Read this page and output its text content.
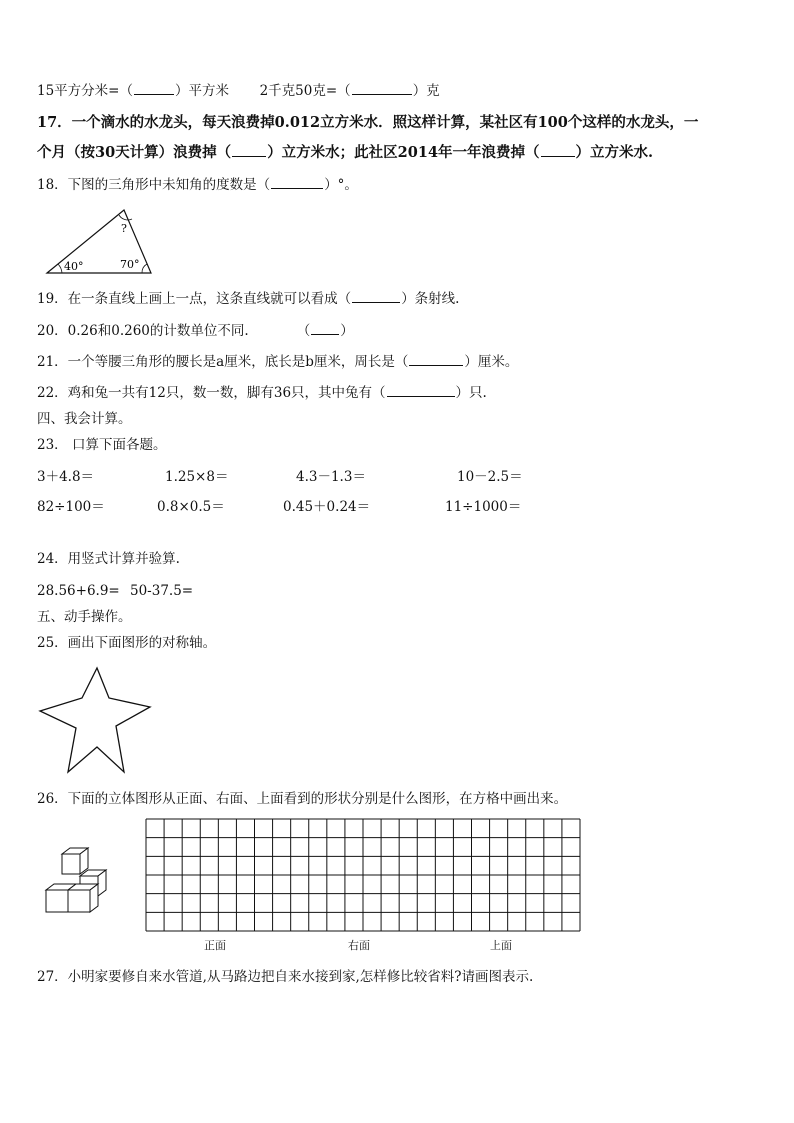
15平方分米=（	）平方米 2千克50克=（	）克
17．一个滴水的水龙头，每天浪费掉0.012立方米水．照这样计算，某社区有100个这样的水龙头，一
个月（按30天计算）浪费掉（ ）立方米水；此社区2014年一年浪费掉（ ）立方米水.
18．下图的三角形中未知角的度数是（	）°。
40°	70°
?
19．在一条直线上画上一点，这条直线就可以看成（	）条射线.
20．0.26和0.260的计数单位不同.	（ ）
21．一个等腰三角形的腰长是a厘米，底长是b厘米，周长是（	）厘米。
22．鸡和兔一共有12只，数一数，脚有36只，其中兔有（	）只.
四、我会计算。
23． 口算下面各题。
3＋4.8＝	1.25×8＝	4.3－1.3＝	10－2.5＝
82÷100＝	0.8×0.5＝	0.45＋0.24＝	11÷1000＝
24．用竖式计算并验算.
28.56+6.9= 50-37.5=
五、动手操作。
25．画出下面图形的对称轴。
26．下面的立体图形从正面、右面、上面看到的形状分别是什么图形，在方格中画出来。
正面	右面	上面
27．小明家要修自来水管道,从马路边把自来水接到家,怎样修比较省料?请画图表示.
